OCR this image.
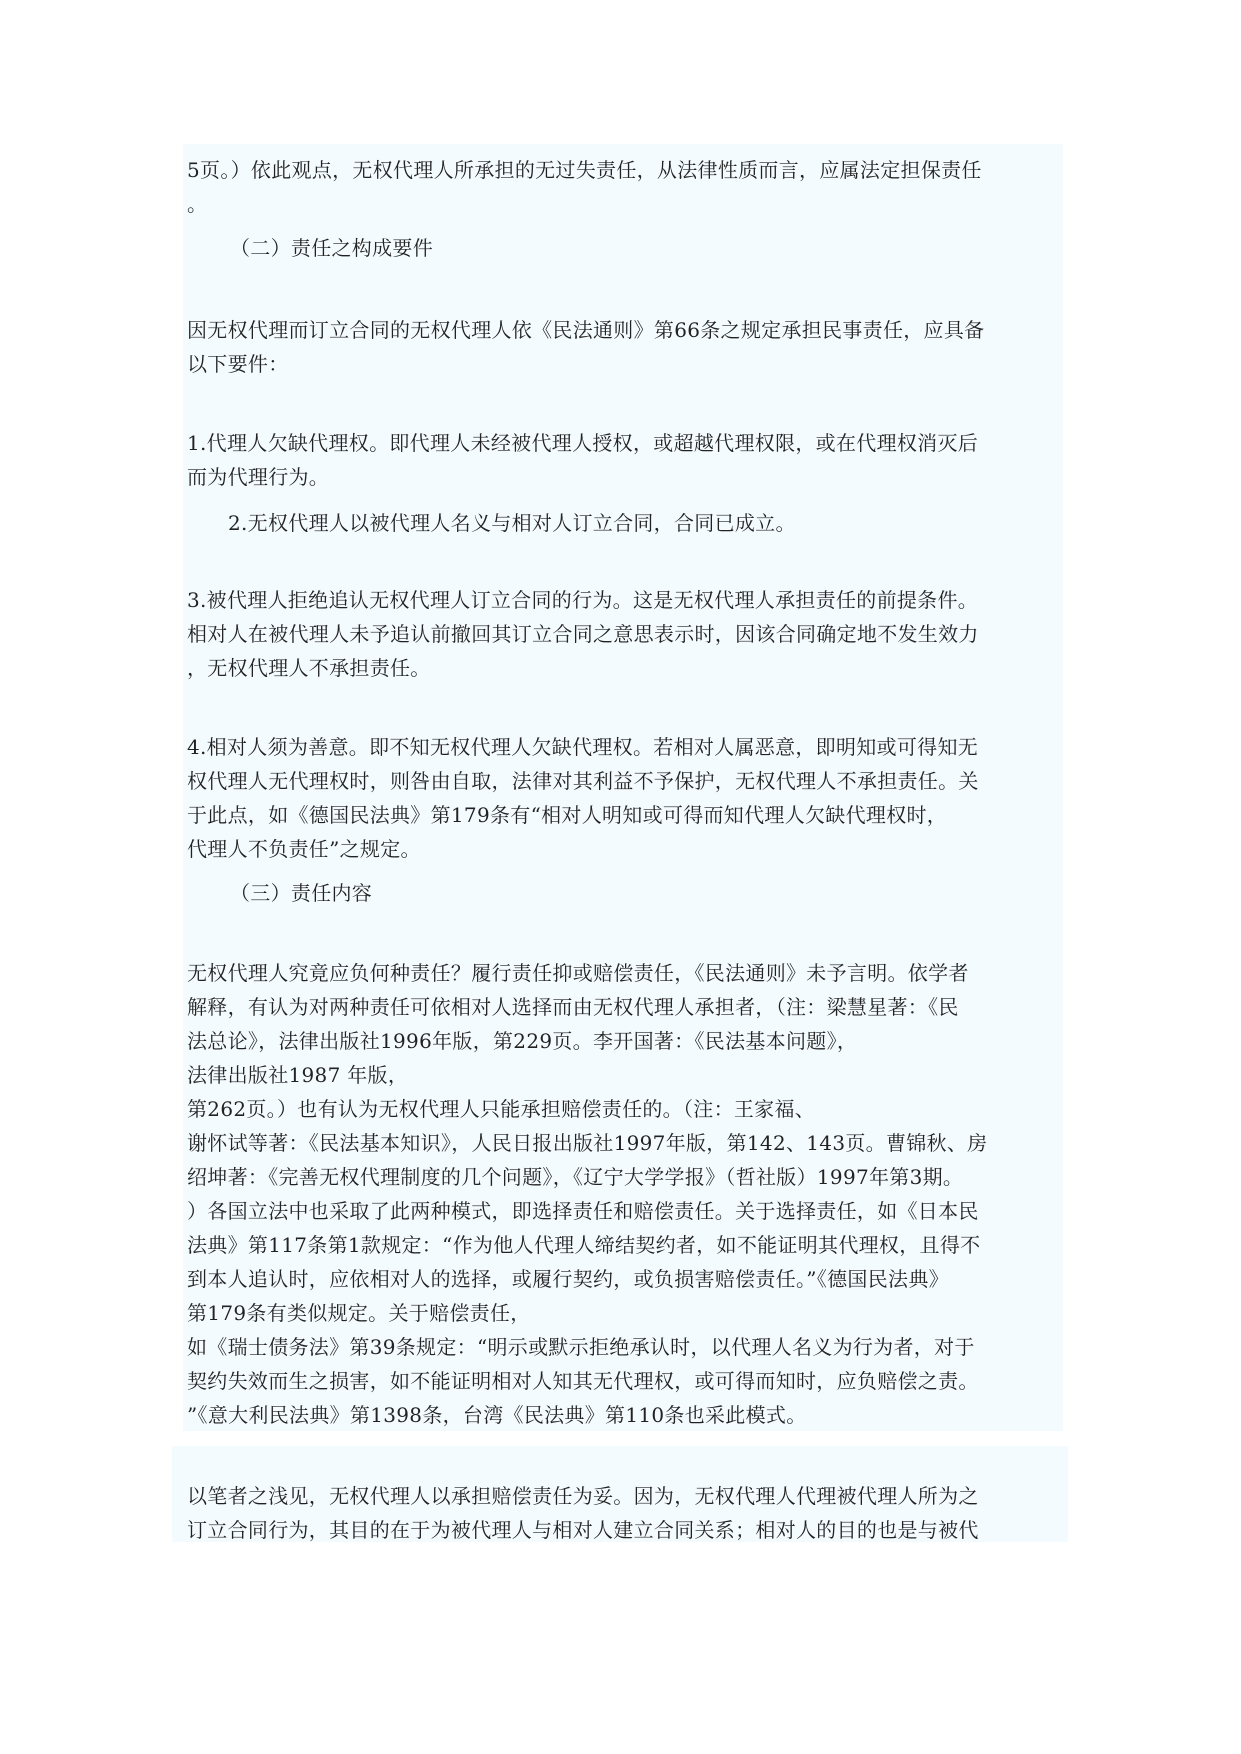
5页。）依此观点，无权代理人所承担的无过失责任，从法律性质而言，应属法定担保责任
。
（二）责任之构成要件
因无权代理而订立合同的无权代理人依《民法通则》第66条之规定承担民事责任，应具备
以下要件：
1.代理人欠缺代理权。即代理人未经被代理人授权，或超越代理权限，或在代理权消灭后
而为代理行为。
2.无权代理人以被代理人名义与相对人订立合同，合同已成立。
3.被代理人拒绝追认无权代理人订立合同的行为。这是无权代理人承担责任的前提条件。
相对人在被代理人未予追认前撤回其订立合同之意思表示时，因该合同确定地不发生效力
，无权代理人不承担责任。
4.相对人须为善意。即不知无权代理人欠缺代理权。若相对人属恶意，即明知或可得知无
权代理人无代理权时，则咎由自取，法律对其利益不予保护，无权代理人不承担责任。关
于此点，如《德国民法典》第179条有“相对人明知或可得而知代理人欠缺代理权时，
代理人不负责任”之规定。
（三）责任内容
无权代理人究竟应负何种责任？履行责任抑或赔偿责任，《民法通则》未予言明。依学者
解释，有认为对两种责任可依相对人选择而由无权代理人承担者，（注：梁慧星著：《民
法总论》，法律出版社1996年版，第229页。李开国著：《民法基本问题》，
法律出版社1987 年版，
第262页。）也有认为无权代理人只能承担赔偿责任的。（注：王家福、
谢怀试等著：《民法基本知识》，人民日报出版社1997年版，第142、143页。曹锦秋、房
绍坤著：《完善无权代理制度的几个问题》，《辽宁大学学报》（哲社版）1997年第3期。
）各国立法中也采取了此两种模式，即选择责任和赔偿责任。关于选择责任，如《日本民
法典》第117条第1款规定：“作为他人代理人缔结契约者，如不能证明其代理权，且得不
到本人追认时，应依相对人的选择，或履行契约，或负损害赔偿责任。”《德国民法典》
第179条有类似规定。关于赔偿责任，
如《瑞士债务法》第39条规定：“明示或默示拒绝承认时，以代理人名义为行为者，对于
契约失效而生之损害，如不能证明相对人知其无代理权，或可得而知时，应负赔偿之责。
”《意大利民法典》第1398条，台湾《民法典》第110条也采此模式。
以笔者之浅见，无权代理人以承担赔偿责任为妥。因为，无权代理人代理被代理人所为之
订立合同行为，其目的在于为被代理人与相对人建立合同关系；相对人的目的也是与被代
